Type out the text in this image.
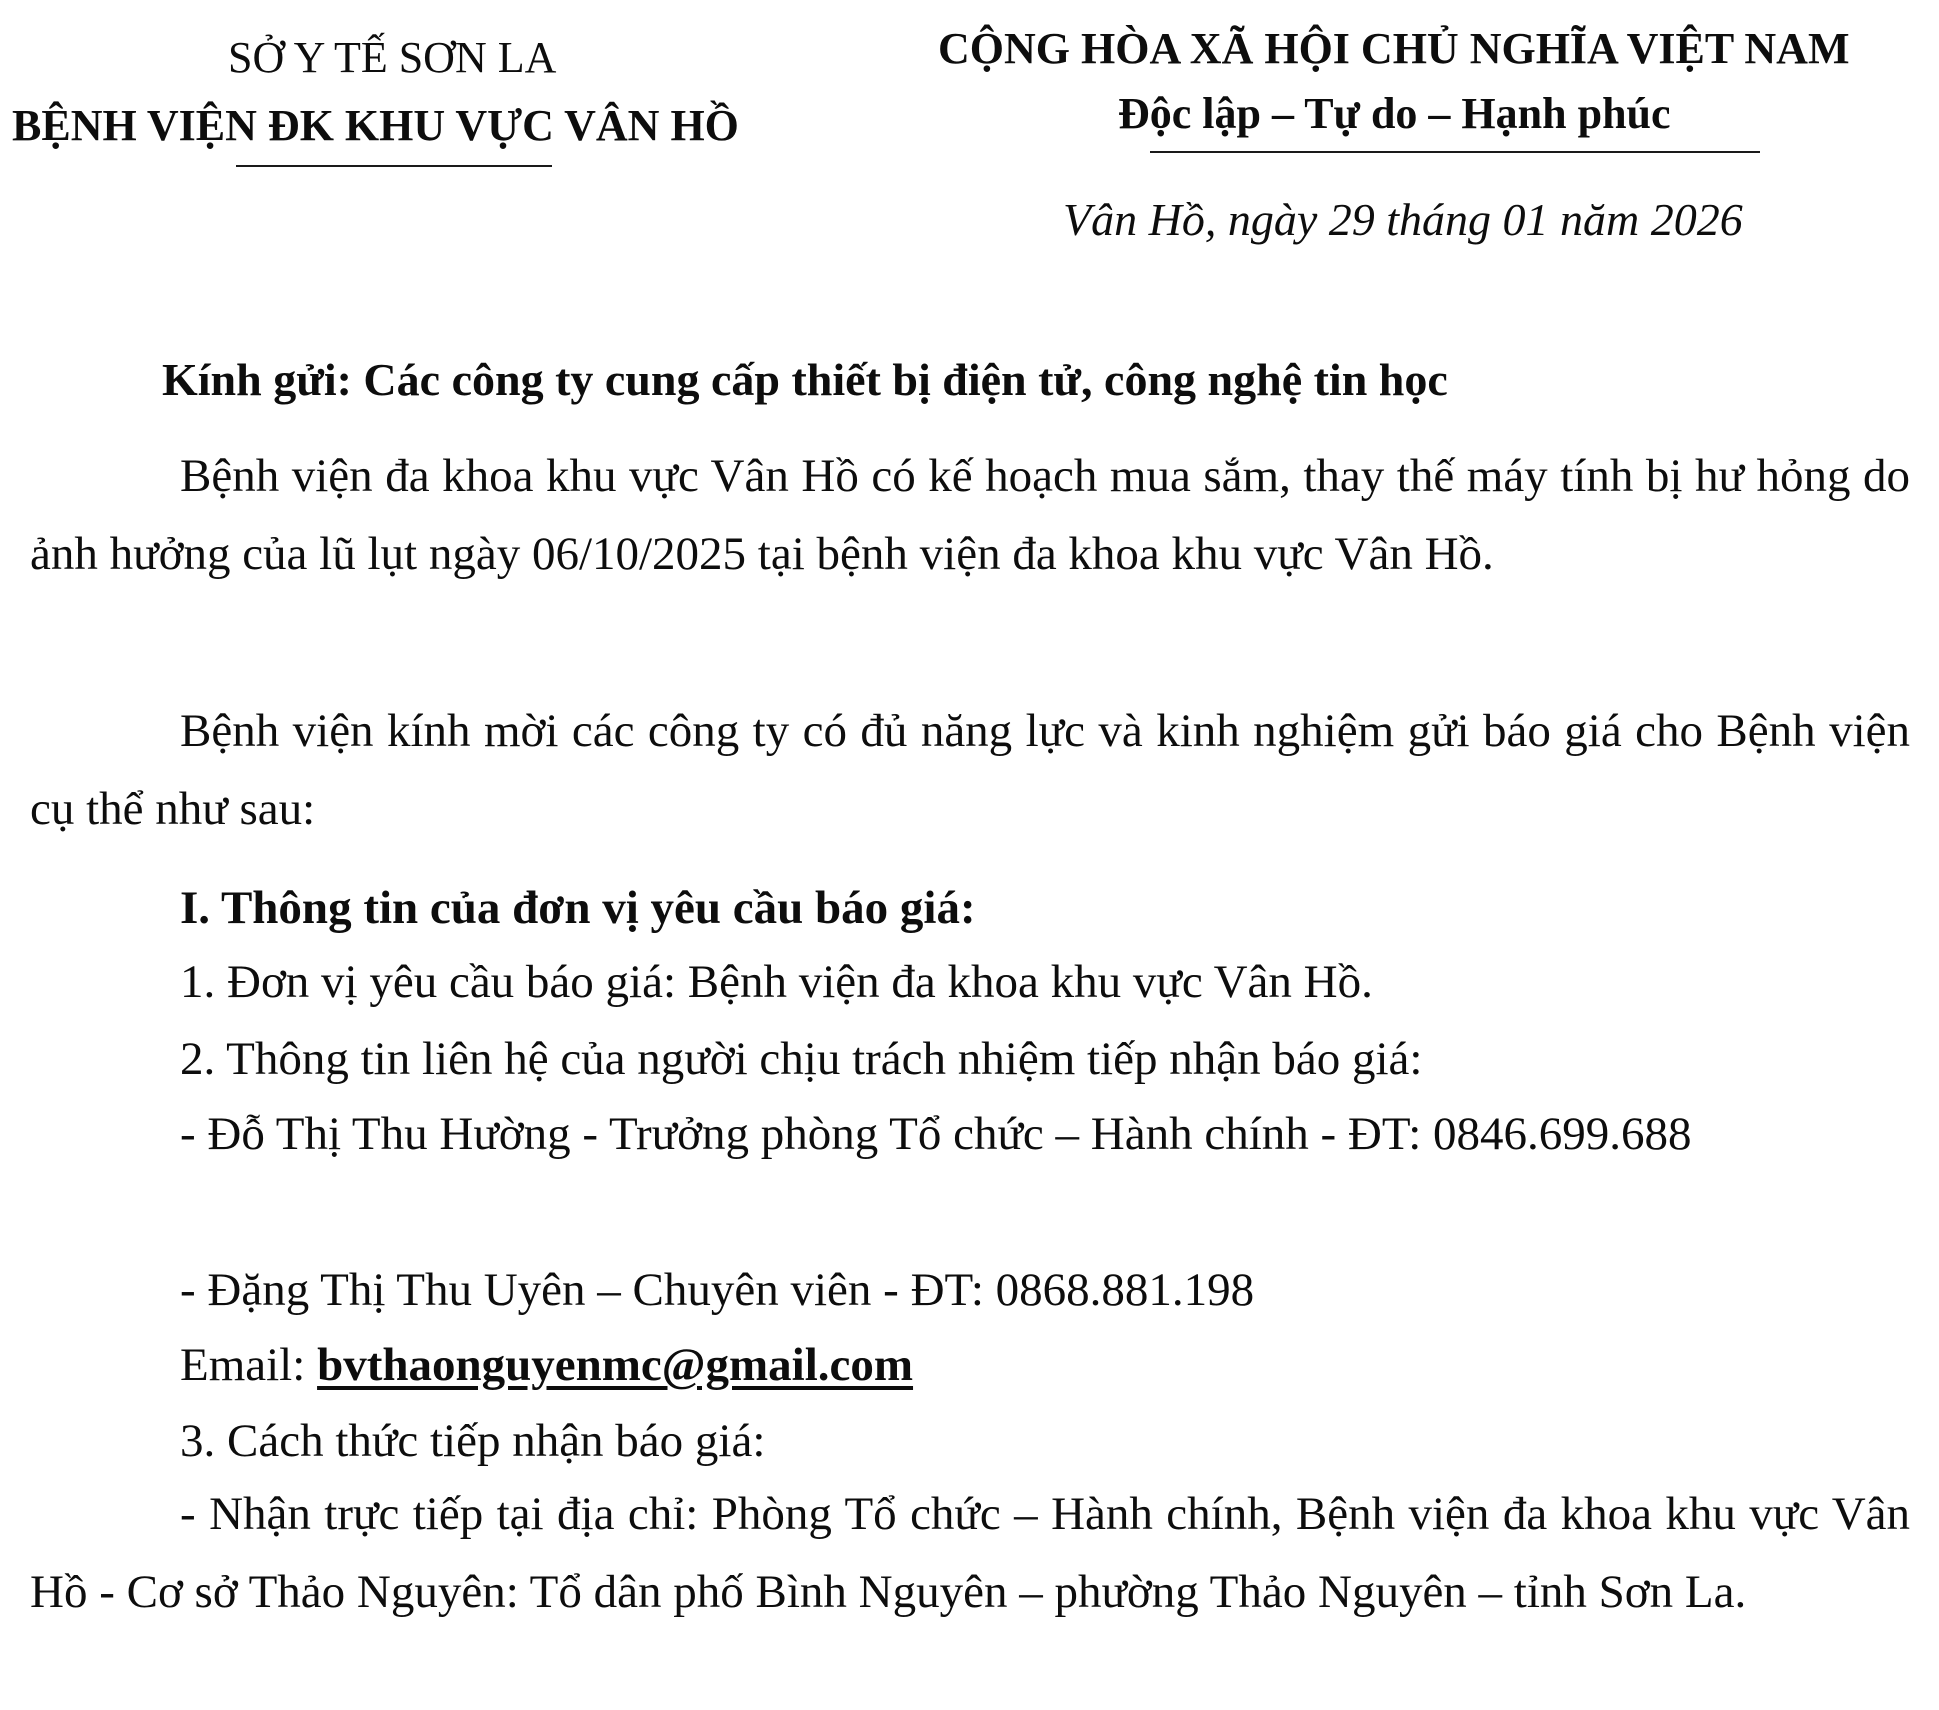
SỞ Y TẾ SƠN LA
BỆNH VIỆN ĐK KHU VỰC VÂN HỒ
CỘNG HÒA XÃ HỘI CHỦ NGHĨA VIỆT NAM
Độc lập – Tự do – Hạnh phúc
Vân Hồ, ngày 29 tháng 01 năm 2026
Kính gửi: Các công ty cung cấp thiết bị điện tử, công nghệ tin học
Bệnh viện đa khoa khu vực Vân Hồ có kế hoạch mua sắm, thay thế máy tính bị hư hỏng do ảnh hưởng của lũ lụt ngày 06/10/2025 tại bệnh viện đa khoa khu vực Vân Hồ.
Bệnh viện kính mời các công ty có đủ năng lực và kinh nghiệm gửi báo giá cho Bệnh viện cụ thể như sau:
I. Thông tin của đơn vị yêu cầu báo giá:
1. Đơn vị yêu cầu báo giá: Bệnh viện đa khoa khu vực Vân Hồ.
2. Thông tin liên hệ của người chịu trách nhiệm tiếp nhận báo giá:
- Đỗ Thị Thu Hường - Trưởng phòng Tổ chức – Hành chính - ĐT: 0846.699.688
- Đặng Thị Thu Uyên – Chuyên viên - ĐT: 0868.881.198
Email: bvthaonguyenmc@gmail.com
3. Cách thức tiếp nhận báo giá:
- Nhận trực tiếp tại địa chỉ: Phòng Tổ chức – Hành chính, Bệnh viện đa khoa khu vực Vân Hồ - Cơ sở Thảo Nguyên: Tổ dân phố Bình Nguyên – phường Thảo Nguyên – tỉnh Sơn La.
